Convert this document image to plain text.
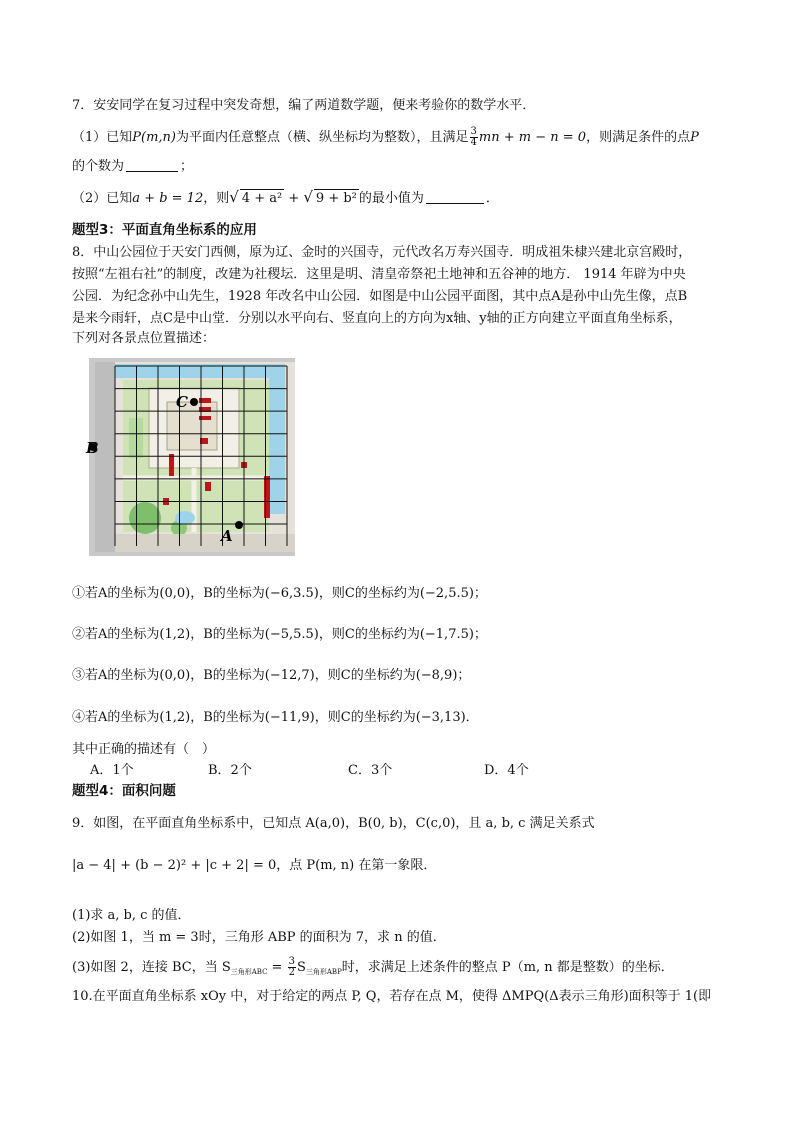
7．安安同学在复习过程中突发奇想，编了两道数学题，便来考验你的数学水平．
（1）已知P(m,n)为平面内任意整点（横、纵坐标均为整数），且满足 $\frac{3}{4}$ mn + m − n = 0，则满足条件的点P
的个数为	；
（2）已知a + b = 12，则√ 4 + a² + √ 9 + b² 的最小值为	．
题型3：平面直角坐标系的应用
8．中山公园位于天安门西侧，原为辽、金时的兴国寺，元代改名万寿兴国寺．明成祖朱棣兴建北京宫殿时，
按照“左祖右社”的制度，改建为社稷坛．这里是明、清皇帝祭祀土地神和五谷神的地方． 1914 年辟为中央
公园．为纪念孙中山先生，1928 年改名中山公园．如图是中山公园平面图，其中点A是孙中山先生像，点B
是来今雨轩，点C是中山堂．分别以水平向右、竖直向上的方向为x轴、y轴的正方向建立平面直角坐标系，
下列对各景点位置描述：
C
B
A
①若A的坐标为(0,0)，B的坐标为(−6,3.5)，则C的坐标约为(−2,5.5)；
②若A的坐标为(1,2)，B的坐标为(−5,5.5)，则C的坐标约为(−1,7.5)；
③若A的坐标为(0,0)，B的坐标为(−12,7)，则C的坐标约为(−8,9)；
④若A的坐标为(1,2)，B的坐标为(−11,9)，则C的坐标约为(−3,13)．
其中正确的描述有（　）
A．1个	B．2个	C．3个	D．4个
题型4：面积问题
9．如图，在平面直角坐标系中，已知点 A(a,0)，B(0, b)，C(c,0)，且 a, b, c 满足关系式
|a − 4| + (b − 2)² + |c + 2| = 0，点 P(m, n) 在第一象限．
(1)求 a, b, c 的值．
(2)如图 1，当 m = 3时，三角形 ABP 的面积为 7，求 n 的值．
(3)如图 2，连接 BC，当 $S_{三角形ABC} = \frac{3}{2} S_{三角形ABP}$时，求满足上述条件的整点 P（m, n 都是整数）的坐标．
10.在平面直角坐标系 xOy 中，对于给定的两点 P, Q，若存在点 M，使得 ΔMPQ(Δ表示三角形)面积等于 1(即
